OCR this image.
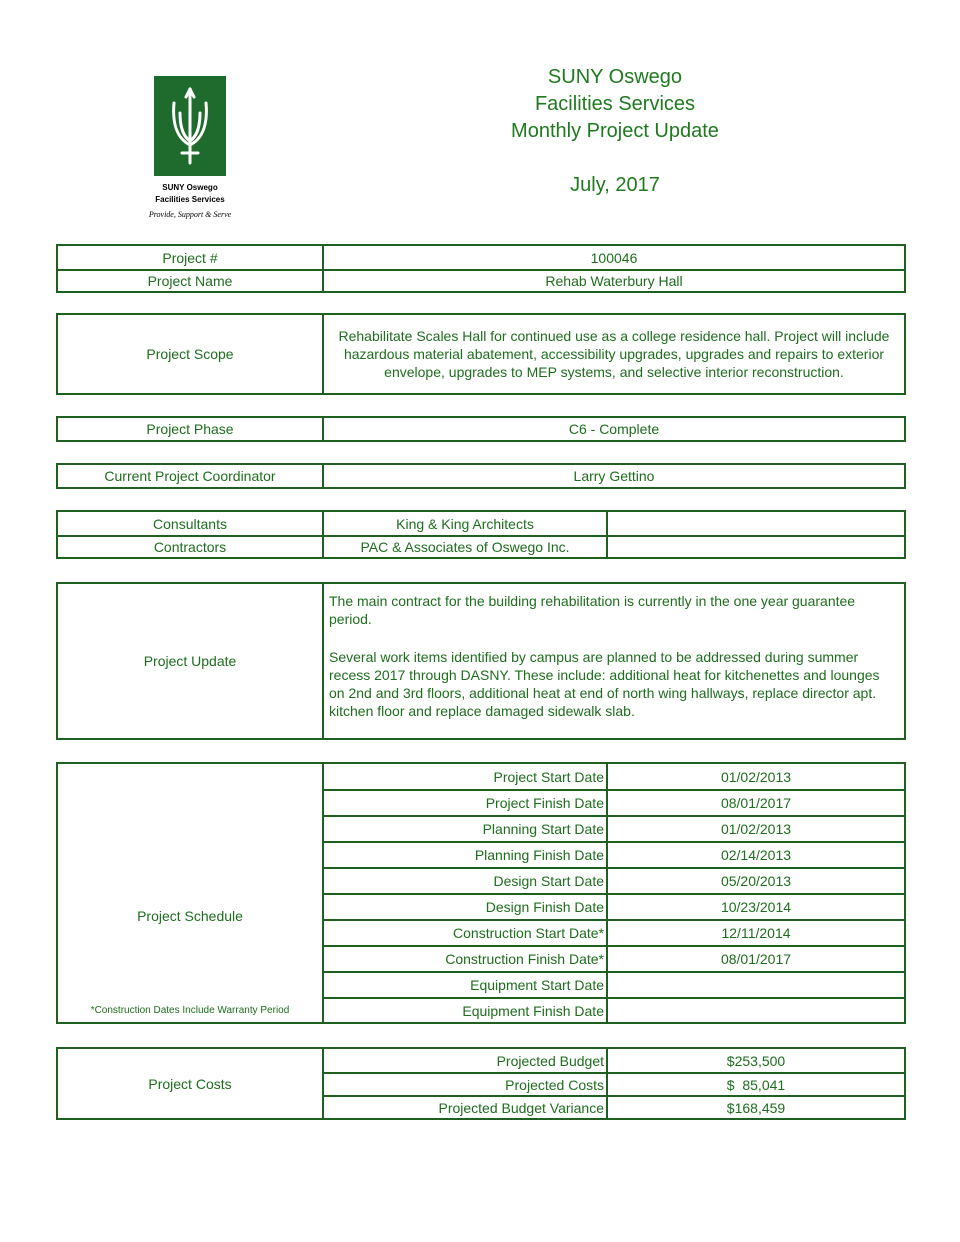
SUNY Oswego
Facilities Services
Provide, Support & Serve
SUNY Oswego
Facilities Services
Monthly Project Update
July, 2017
Project #	100046
Project Name	Rehab Waterbury Hall
Project Scope
Rehabilitate Scales Hall for continued use as a college residence hall. Project will include hazardous material abatement, accessibility upgrades, upgrades and repairs to exterior envelope, upgrades to MEP systems, and selective interior reconstruction.
Project Phase	C6 - Complete
Current Project Coordinator	Larry Gettino
Consultants	King & King Architects
Contractors	PAC & Associates of Oswego Inc.
Project Update

The main contract for the building rehabilitation is currently in the one year guarantee period.

Several work items identified by campus are planned to be addressed during summer recess 2017 through DASNY. These include: additional heat for kitchenettes and lounges on 2nd and 3rd floors, additional heat at end of north wing hallways, replace director apt. kitchen floor and replace damaged sidewalk slab.

Project Schedule
*Construction Dates Include Warranty Period
Project Start Date	01/02/2013
Project Finish Date	08/01/2017
Planning Start Date	01/02/2013
Planning Finish Date	02/14/2013
Design Start Date	05/20/2013
Design Finish Date	10/23/2014
Construction Start Date*	12/11/2014
Construction Finish Date*	08/01/2017
Equipment Start Date
Equipment Finish Date
Project Costs
Projected Budget	$253,500
Projected Costs	$  85,041
Projected Budget Variance	$168,459
